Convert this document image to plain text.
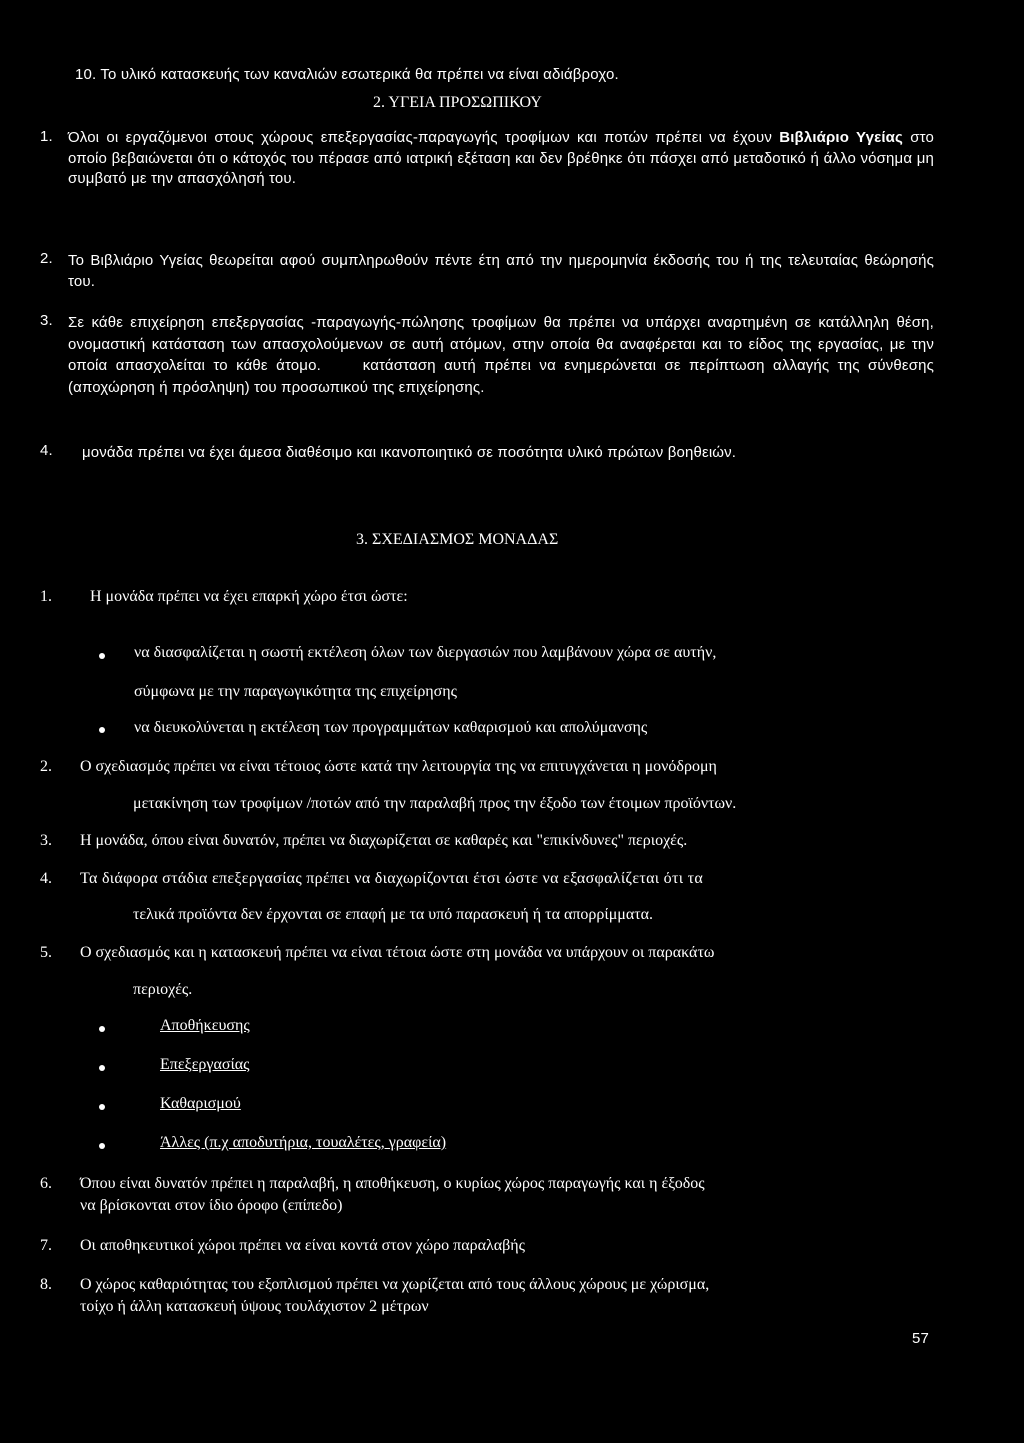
10. Το υλικό κατασκευής των καναλιών εσωτερικά θα πρέπει να είναι αδιάβροχο.
2. ΥΓΕΙΑ ΠΡΟΣΩΠΙΚΟΥ
1. Όλοι οι εργαζόμενοι στους χώρους επεξεργασίας-παραγωγής τροφίμων και ποτών πρέπει να έχουν Βιβλιάριο Υγείας στο οποίο βεβαιώνεται ότι ο κάτοχός του πέρασε από ιατρική εξέταση και δεν βρέθηκε ότι πάσχει από μεταδοτικό ή άλλο νόσημα μη συμβατό με την απασχόλησή του.

2. Το Βιβλιάριο Υγείας θεωρείται αφού συμπληρωθούν πέντε έτη από την ημερομηνία έκδοσής του ή της τελευταίας θεώρησής του.

3. Σε κάθε επιχείρηση επεξεργασίας -παραγωγής-πώλησης τροφίμων θα πρέπει να υπάρχει αναρτημένη σε κατάλληλη θέση, ονομαστική κατάσταση των απασχολούμενων σε αυτή ατόμων, στην οποία θα αναφέρεται και το είδος της εργασίας, με την οποία απασχολείται το κάθε άτομο.	κατάσταση αυτή πρέπει να ενημερώνεται σε περίπτωση αλλαγής της σύνθεσης (αποχώρηση ή πρόσληψη) του προσωπικού της επιχείρησης.

4.	μονάδα πρέπει να έχει άμεσα διαθέσιμο και ικανοποιητικό σε ποσότητα υλικό πρώτων βοηθειών.

3. ΣΧΕΔΙΑΣΜΟΣ ΜΟΝΑΔΑΣ
1. Η μονάδα πρέπει να έχει επαρκή χώρο έτσι ώστε:
να διασφαλίζεται η σωστή εκτέλεση όλων των διεργασιών που λαμβάνουν χώρα σε αυτήν,
σύμφωνα με την παραγωγικότητα της επιχείρησης
να διευκολύνεται η εκτέλεση των προγραμμάτων καθαρισμού και απολύμανσης
2. Ο σχεδιασμός πρέπει να είναι τέτοιος ώστε κατά την λειτουργία της να επιτυγχάνεται η μονόδρομη
μετακίνηση των τροφίμων /ποτών από την παραλαβή προς την έξοδο των έτοιμων προϊόντων.
3. Η μονάδα, όπου είναι δυνατόν, πρέπει να διαχωρίζεται σε καθαρές και "επικίνδυνες" περιοχές.
4. Τα διάφορα στάδια επεξεργασίας πρέπει να διαχωρίζονται έτσι ώστε να εξασφαλίζεται ότι τα
τελικά προϊόντα δεν έρχονται σε επαφή με τα υπό παρασκευή ή τα απορρίμματα.
5. Ο σχεδιασμός και η κατασκευή πρέπει να είναι τέτοια ώστε στη μονάδα να υπάρχουν οι παρακάτω
περιοχές.
Αποθήκευσης
Επεξεργασίας
Καθαρισμού
Άλλες (π.χ αποδυτήρια, τουαλέτες, γραφεία)
6. Όπου είναι δυνατόν πρέπει η παραλαβή, η αποθήκευση, ο κυρίως χώρος παραγωγής και η έξοδος
να βρίσκονται στον ίδιο όροφο (επίπεδο)
7. Οι αποθηκευτικοί χώροι πρέπει να είναι κοντά στον χώρο παραλαβής
8. Ο χώρος καθαριότητας του εξοπλισμού πρέπει να χωρίζεται από τους άλλους χώρους με χώρισμα,
τοίχο ή άλλη κατασκευή ύψους τουλάχιστον 2 μέτρων
57
